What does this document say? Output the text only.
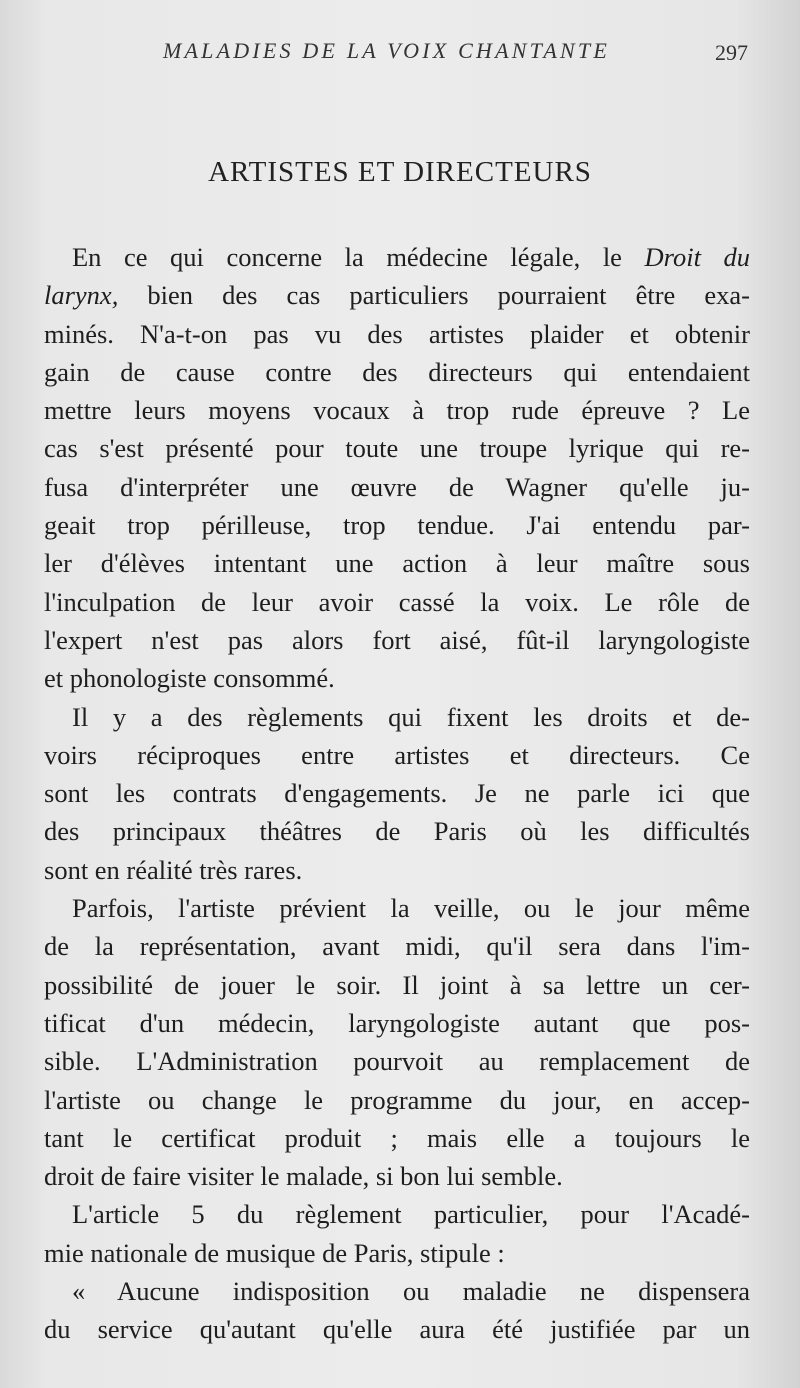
MALADIES DE LA VOIX CHANTANTE	297
ARTISTES ET DIRECTEURS
En ce qui concerne la médecine légale, le Droit du
larynx, bien des cas particuliers pourraient être exa-
minés. N'a-t-on pas vu des artistes plaider et obtenir
gain de cause contre des directeurs qui entendaient
mettre leurs moyens vocaux à trop rude épreuve ? Le
cas s'est présenté pour toute une troupe lyrique qui re-
fusa d'interpréter une œuvre de Wagner qu'elle ju-
geait trop périlleuse, trop tendue. J'ai entendu par-
ler d'élèves intentant une action à leur maître sous
l'inculpation de leur avoir cassé la voix. Le rôle de
l'expert n'est pas alors fort aisé, fût-il laryngologiste
et phonologiste consommé.
Il y a des règlements qui fixent les droits et de-
voirs réciproques entre artistes et directeurs. Ce
sont les contrats d'engagements. Je ne parle ici que
des principaux théâtres de Paris où les difficultés
sont en réalité très rares.
Parfois, l'artiste prévient la veille, ou le jour même
de la représentation, avant midi, qu'il sera dans l'im-
possibilité de jouer le soir. Il joint à sa lettre un cer-
tificat d'un médecin, laryngologiste autant que pos-
sible. L'Administration pourvoit au remplacement de
l'artiste ou change le programme du jour, en accep-
tant le certificat produit ; mais elle a toujours le
droit de faire visiter le malade, si bon lui semble.
L'article 5 du règlement particulier, pour l'Acadé-
mie nationale de musique de Paris, stipule :
« Aucune indisposition ou maladie ne dispensera
du service qu'autant qu'elle aura été justifiée par un
